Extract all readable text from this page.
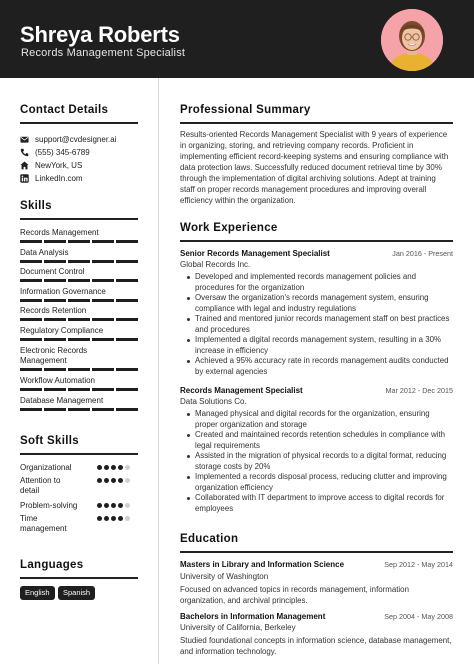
Shreya Roberts
Records Management Specialist
Contact Details
support@cvdesigner.ai
(555) 345-6789
NewYork, US
LinkedIn.com
Skills
Records Management
Data Analysis
Document Control
Information Governance
Records Retention
Regulatory Compliance
Electronic Records Management
Workflow Automation
Database Management
Soft Skills
Organizational
Attention to detail
Problem-solving
Time management
Languages
English	Spanish
Professional Summary
Results-oriented Records Management Specialist with 9 years of experience in organizing, storing, and retrieving company records. Proficient in implementing efficient record-keeping systems and ensuring compliance with data protection laws. Successfully reduced document retrieval time by 30% through the implementation of digital archiving solutions. Adept at training staff on proper records management procedures and improving overall efficiency within the organization.
Work Experience
Senior Records Management Specialist	Jan 2016 - Present
Global Records Inc.
Developed and implemented records management policies and procedures for the organization
Oversaw the organization's records management system, ensuring compliance with legal and industry regulations
Trained and mentored junior records management staff on best practices and procedures
Implemented a digital records management system, resulting in a 30% increase in efficiency
Achieved a 95% accuracy rate in records management audits conducted by external agencies
Records Management Specialist	Mar 2012 - Dec 2015
Data Solutions Co.
Managed physical and digital records for the organization, ensuring proper organization and storage
Created and maintained records retention schedules in compliance with legal requirements
Assisted in the migration of physical records to a digital format, reducing storage costs by 20%
Implemented a records disposal process, reducing clutter and improving organization efficiency
Collaborated with IT department to improve access to digital records for employees
Education
Masters in Library and Information Science	Sep 2012 - May 2014
University of Washington
Focused on advanced topics in records management, information organization, and archival principles.
Bachelors in Information Management	Sep 2004 - May 2008
University of California, Berkeley
Studied foundational concepts in information science, database management, and information technology.
